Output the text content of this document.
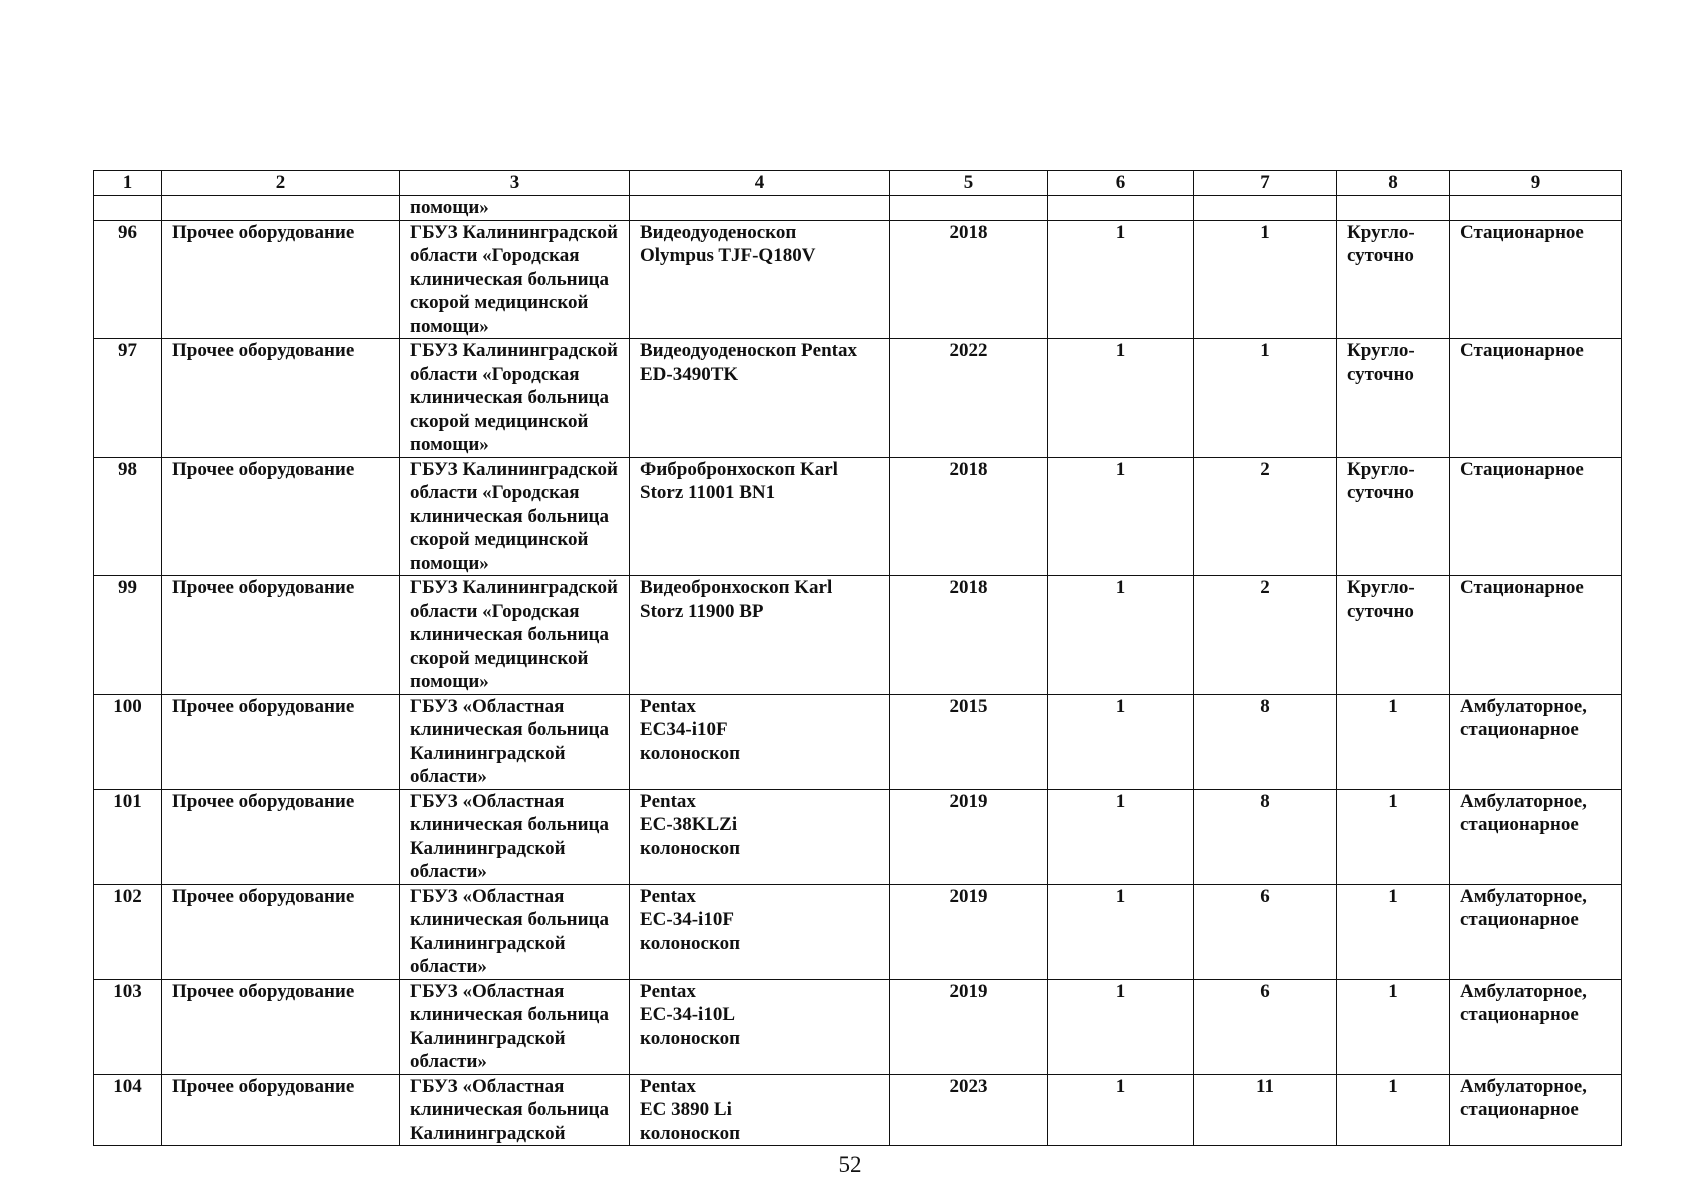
1	2	3	4	5	6	7	8	9
		помощи»						
96	Прочее оборудование	ГБУЗ Калининградской
области «Городская
клиническая больница
скорой медицинской
помощи»	Видеодуоденоскоп
Olympus TJF-Q180V	2018	1	1	Кругло-
суточно	Стационарное

97	Прочее оборудование	ГБУЗ Калининградской
области «Городская
клиническая больница
скорой медицинской
помощи»	Видеодуоденоскоп Pentax
ED-3490TK	2022	1	1	Кругло-
суточно	Стационарное

98	Прочее оборудование	ГБУЗ Калининградской
области «Городская
клиническая больница
скорой медицинской
помощи»	Фибробронхоскоп Karl
Storz 11001 BN1	2018	1	2	Кругло-
суточно	Стационарное

99	Прочее оборудование	ГБУЗ Калининградской
области «Городская
клиническая больница
скорой медицинской
помощи»	Видеобронхоскоп Karl
Storz 11900 BP	2018	1	2	Кругло-
суточно	Стационарное

100	Прочее оборудование	ГБУЗ «Областная
клиническая больница
Калининградской
области»	Pentax
EC34-i10F
колоноскоп	2015	1	8	1	Амбулаторное,
стационарное

101	Прочее оборудование	ГБУЗ «Областная
клиническая больница
Калининградской
области»	Pentax
EC-38KLZi
колоноскоп	2019	1	8	1	Амбулаторное,
стационарное

102	Прочее оборудование	ГБУЗ «Областная
клиническая больница
Калининградской
области»	Pentax
EC-34-i10F
колоноскоп	2019	1	6	1	Амбулаторное,
стационарное

103	Прочее оборудование	ГБУЗ «Областная
клиническая больница
Калининградской
области»	Pentax
EC-34-i10L
колоноскоп	2019	1	6	1	Амбулаторное,
стационарное

104	Прочее оборудование	ГБУЗ «Областная
клиническая больница
Калининградской	Pentax
EC 3890 Li
колоноскоп	2023	1	11	1	Амбулаторное,
стационарное
52
